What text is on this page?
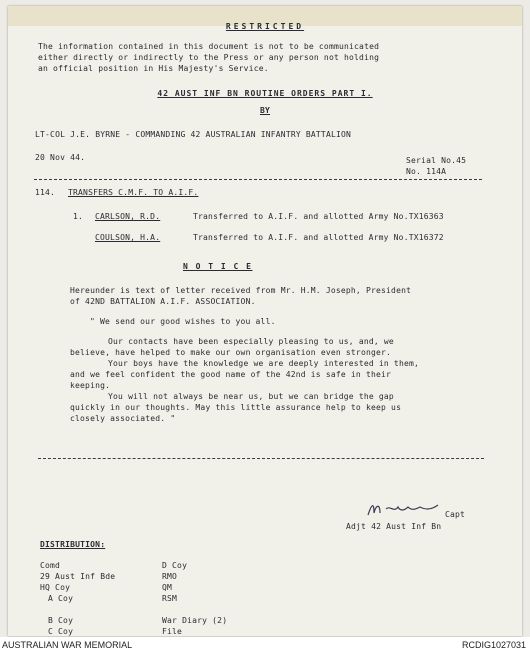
RESTRICTED
The information contained in this document is not to be communicated
either directly or indirectly to the Press or any person not holding
an official position in His Majesty's Service.
42 AUST INF BN ROUTINE ORDERS PART I.
BY
LT-COL J.E. BYRNE - COMMANDING 42 AUSTRALIAN INFANTRY BATTALION
20 Nov 44.	Serial No.45
No. 114A
114. TRANSFERS C.M.F. TO A.I.F.
1. CARLSON, R.D.	Transferred to A.I.F. and allotted Army No.TX16363
COULSON, H.A.	Transferred to A.I.F. and allotted Army No.TX16372
N O T I C E
Hereunder is text of letter received from Mr. H.M. Joseph, President
of 42ND BATTALION A.I.F. ASSOCIATION.
" We send our good wishes to you all.
Our contacts have been especially pleasing to us, and, we
believe, have helped to make our own organisation even stronger.
Your boys have the knowledge we are deeply interested in them,
and we feel confident the good name of the 42nd is safe in their
keeping.
You will not always be near us, but we can bridge the gap
quickly in our thoughts. May this little assurance help to keep us
closely associated. "
Capt
Adjt 42 Aust Inf Bn
DISTRIBUTION:
Comd
29 Aust Inf Bde
HQ Coy
A Coy
B Coy
C Coy
D Coy
RMO
QM
RSM
War Diary (2)
File
AUSTRALIAN WAR MEMORIAL	RCDIG1027031
